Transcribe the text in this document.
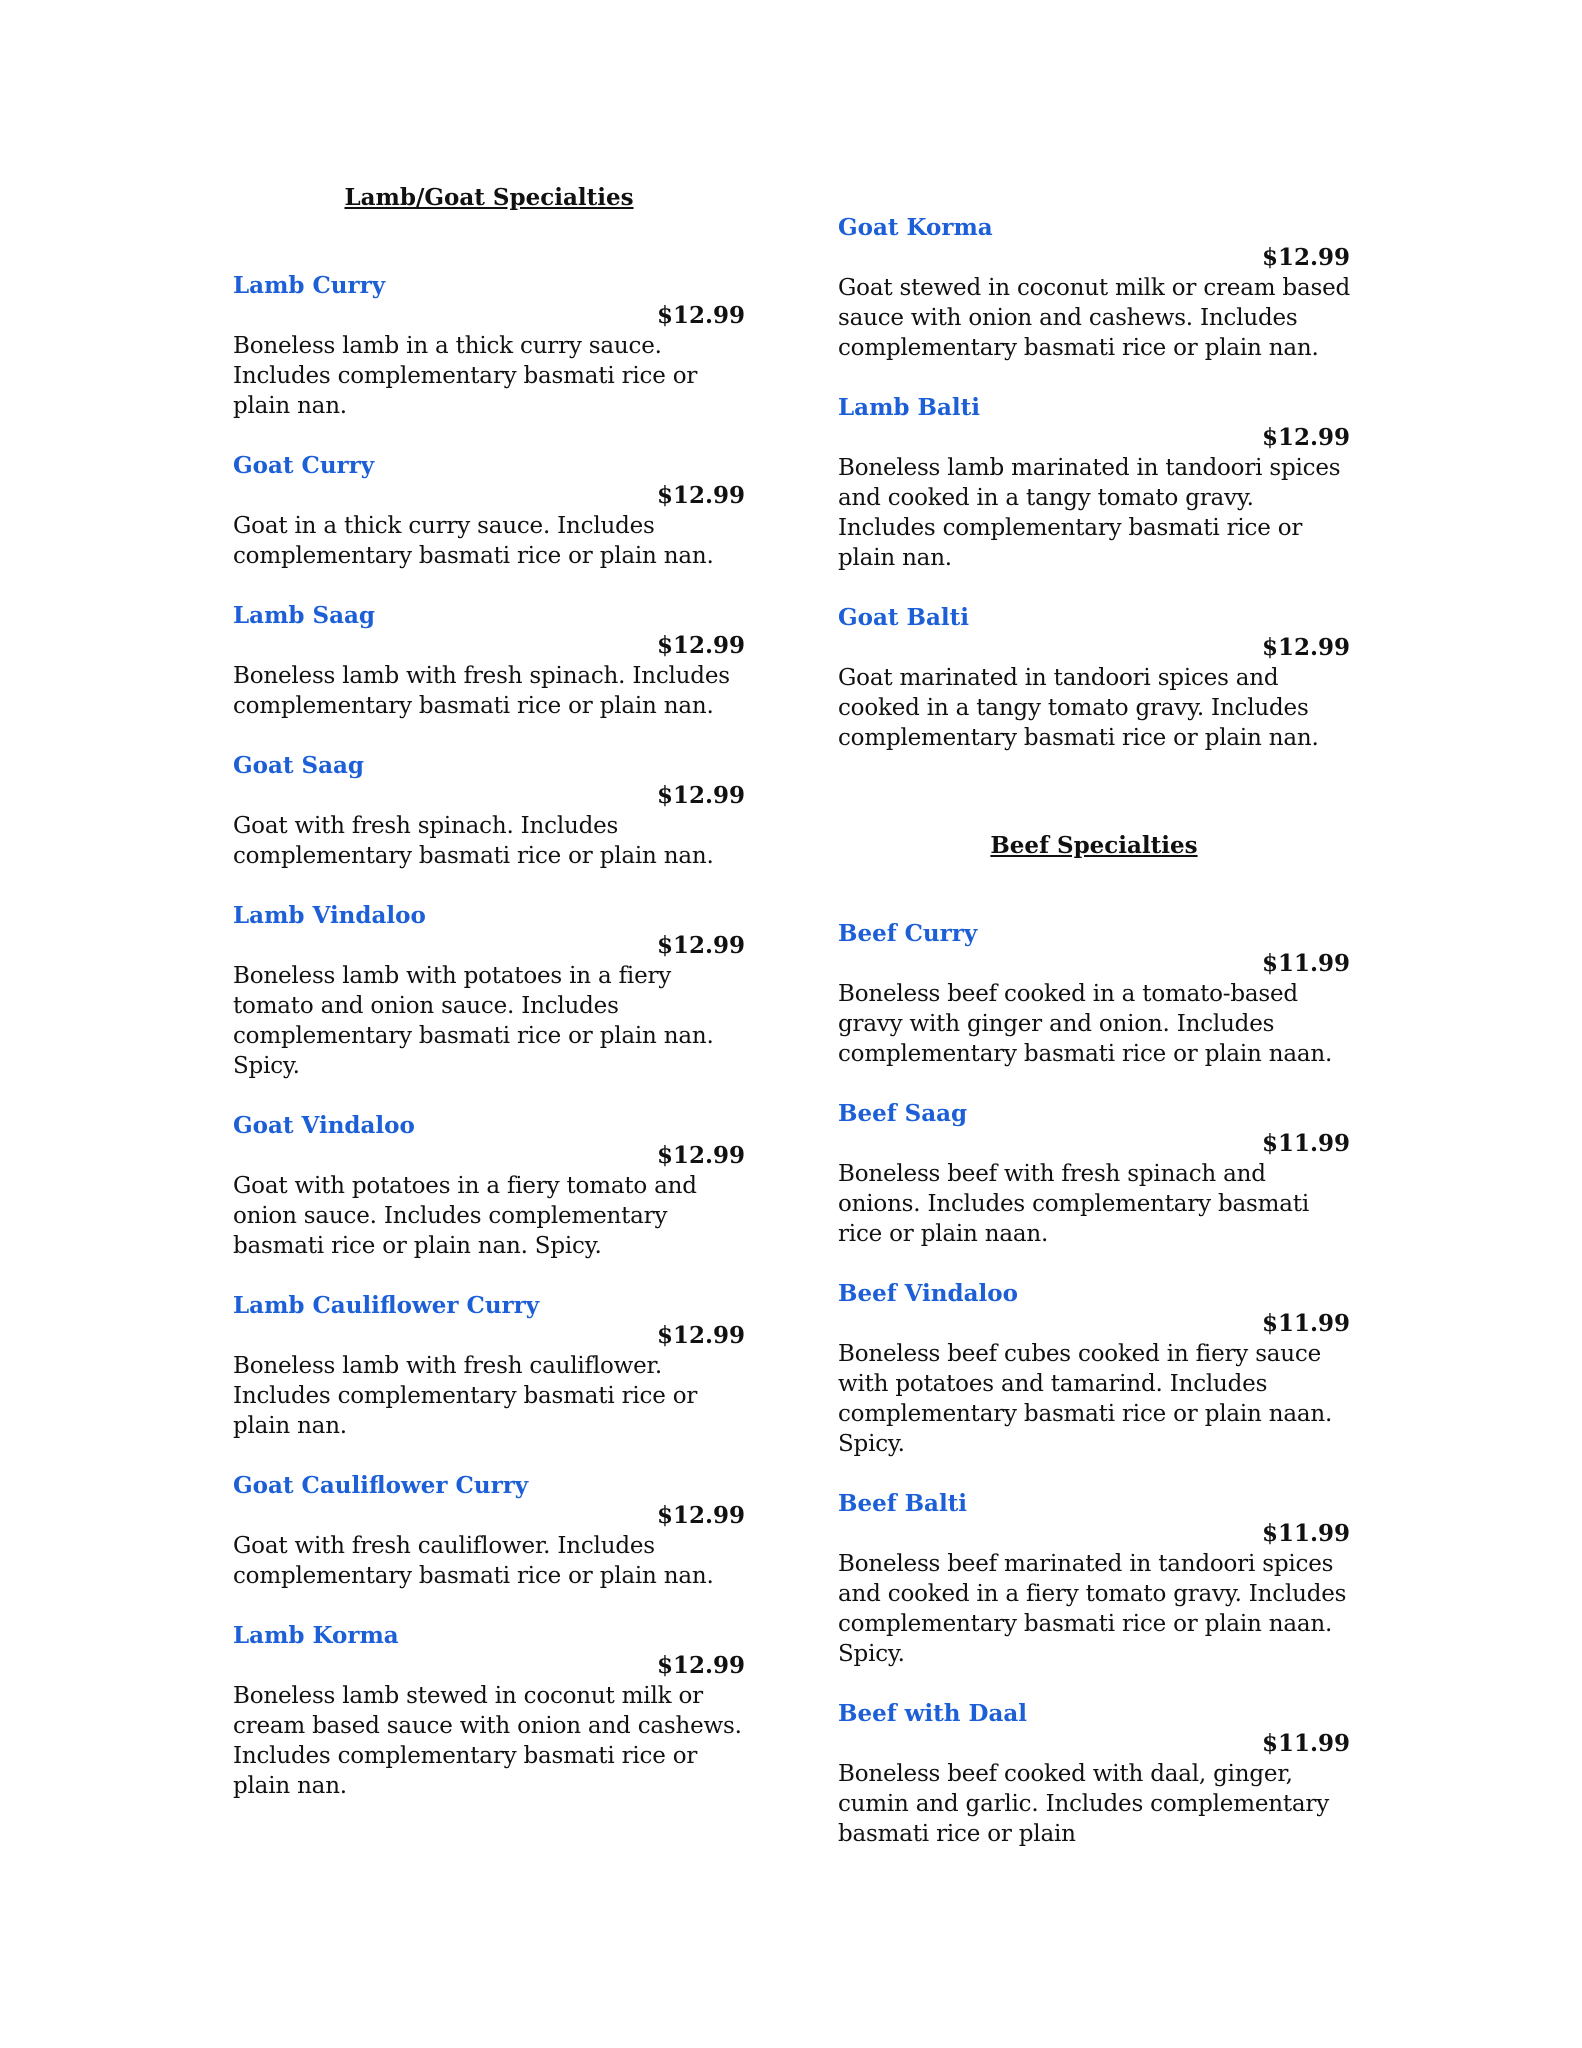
Lamb/Goat Specialties
Lamb Curry
$12.99
Boneless lamb in a thick curry sauce. Includes complementary basmati rice or plain nan.
Goat Curry
$12.99
Goat in a thick curry sauce. Includes complementary basmati rice or plain nan.
Lamb Saag
$12.99
Boneless lamb with fresh spinach. Includes complementary basmati rice or plain nan.
Goat Saag
$12.99
Goat with fresh spinach. Includes complementary basmati rice or plain nan.
Lamb Vindaloo
$12.99
Boneless lamb with potatoes in a fiery tomato and onion sauce. Includes complementary basmati rice or plain nan. Spicy.
Goat Vindaloo
$12.99
Goat with potatoes in a fiery tomato and onion sauce. Includes complementary basmati rice or plain nan. Spicy.
Lamb Cauliflower Curry
$12.99
Boneless lamb with fresh cauliflower. Includes complementary basmati rice or plain nan.
Goat Cauliflower Curry
$12.99
Goat with fresh cauliflower. Includes complementary basmati rice or plain nan.
Lamb Korma
$12.99
Boneless lamb stewed in coconut milk or cream based sauce with onion and cashews. Includes complementary basmati rice or plain nan.
Goat Korma
$12.99
Goat stewed in coconut milk or cream based sauce with onion and cashews. Includes complementary basmati rice or plain nan.
Lamb Balti
$12.99
Boneless lamb marinated in tandoori spices and cooked in a tangy tomato gravy. Includes complementary basmati rice or plain nan.
Goat Balti
$12.99
Goat marinated in tandoori spices and cooked in a tangy tomato gravy. Includes complementary basmati rice or plain nan.
Beef Specialties
Beef Curry
$11.99
Boneless beef cooked in a tomato-based gravy with ginger and onion. Includes complementary basmati rice or plain naan.
Beef Saag
$11.99
Boneless beef with fresh spinach and onions. Includes complementary basmati rice or plain naan.
Beef Vindaloo
$11.99
Boneless beef cubes cooked in fiery sauce with potatoes and tamarind. Includes complementary basmati rice or plain naan. Spicy.
Beef Balti
$11.99
Boneless beef marinated in tandoori spices and cooked in a fiery tomato gravy. Includes complementary basmati rice or plain naan. Spicy.
Beef with Daal
$11.99
Boneless beef cooked with daal, ginger, cumin and garlic. Includes complementary basmati rice or plain
